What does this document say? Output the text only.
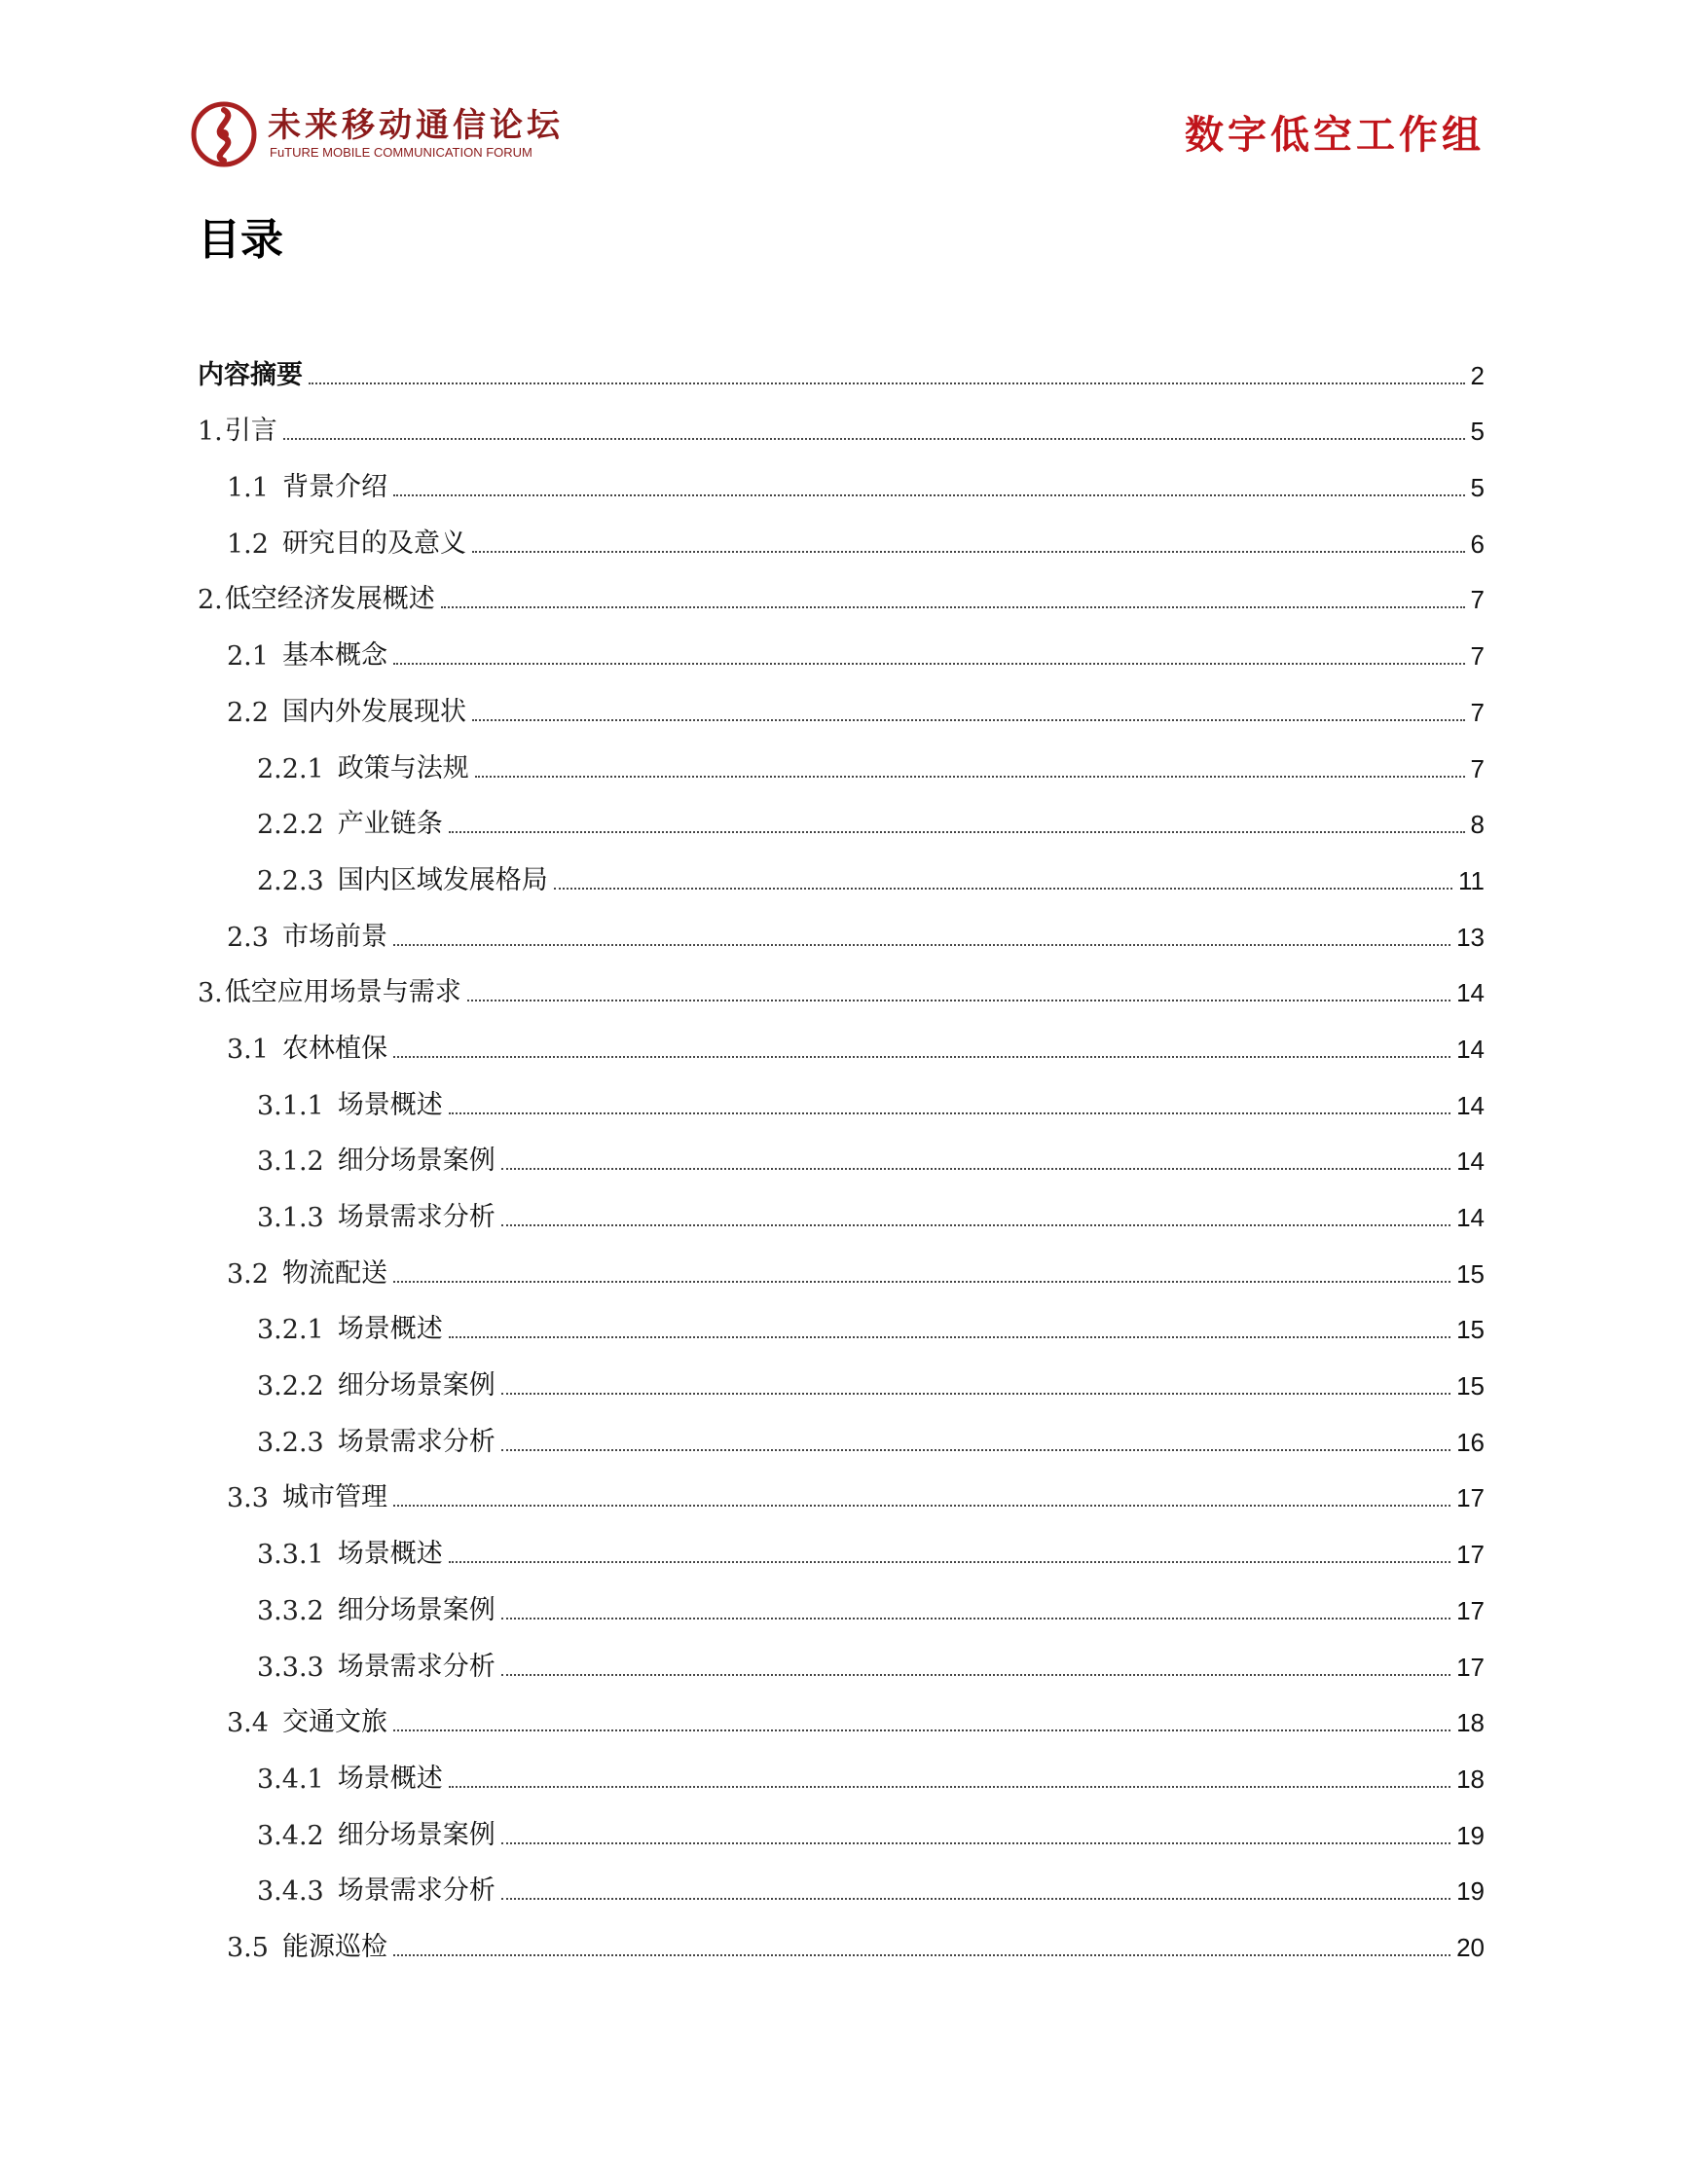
未来移动通信论坛
FuTURE MOBILE COMMUNICATION FORUM	数字低空工作组
目录
内容摘要	2
1. 引言	5
1.1 背景介绍	5
1.2 研究目的及意义	6
2. 低空经济发展概述	7
2.1 基本概念	7
2.2 国内外发展现状	7
2.2.1 政策与法规	7
2.2.2 产业链条	8
2.2.3 国内区域发展格局	11
2.3 市场前景	13
3. 低空应用场景与需求	14
3.1 农林植保	14
3.1.1 场景概述	14
3.1.2 细分场景案例	14
3.1.3 场景需求分析	14
3.2 物流配送	15
3.2.1 场景概述	15
3.2.2 细分场景案例	15
3.2.3 场景需求分析	16
3.3 城市管理	17
3.3.1 场景概述	17
3.3.2 细分场景案例	17
3.3.3 场景需求分析	17
3.4 交通文旅	18
3.4.1 场景概述	18
3.4.2 细分场景案例	19
3.4.3 场景需求分析	19
3.5 能源巡检	20
